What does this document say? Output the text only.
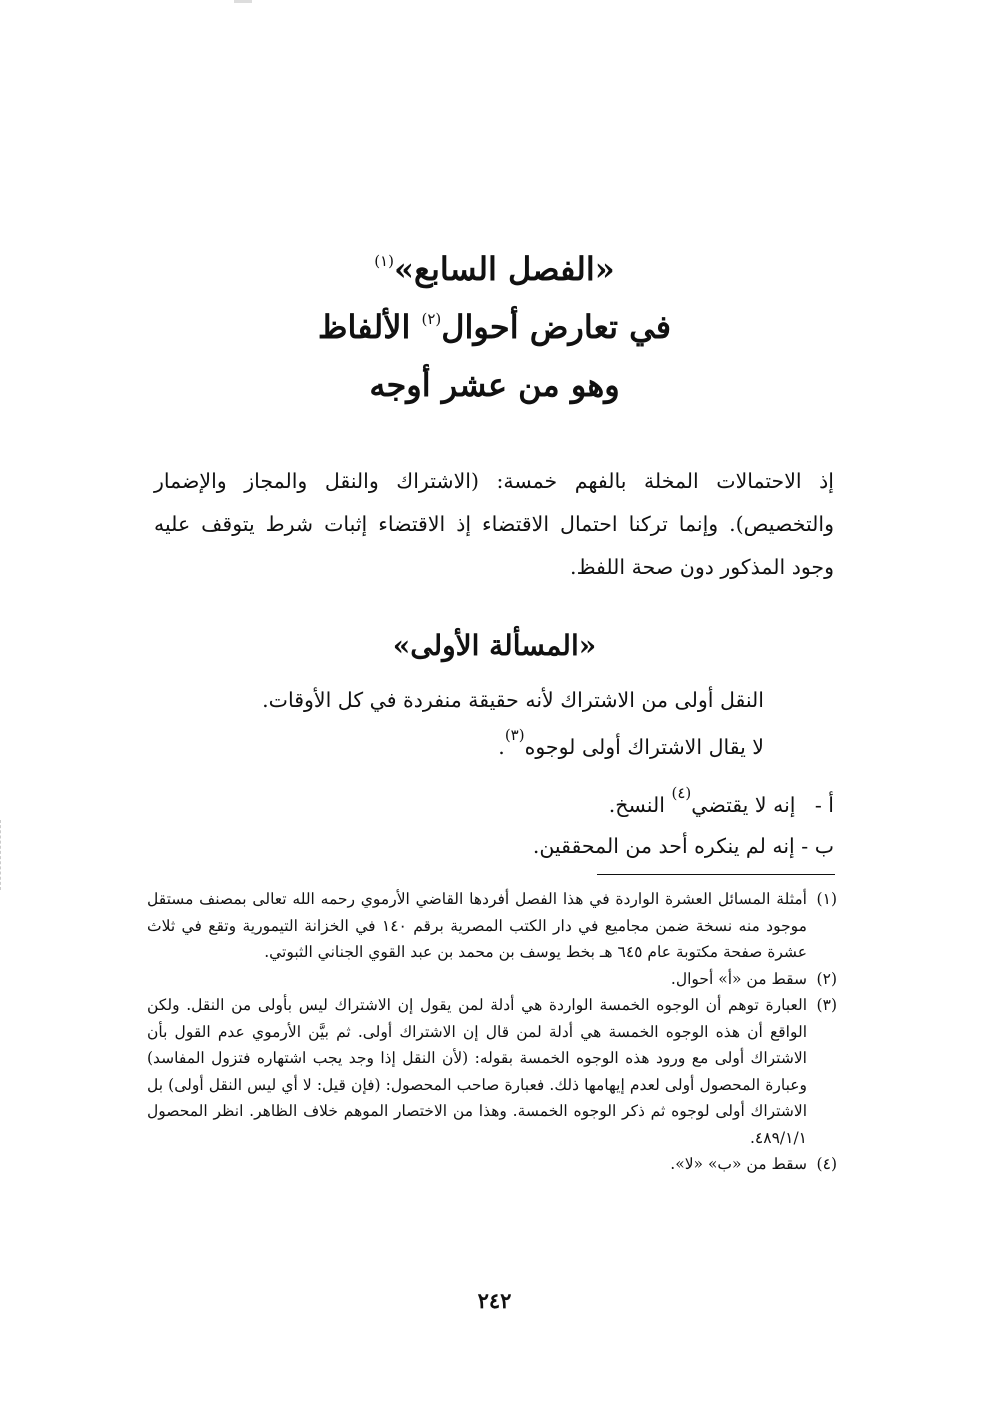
«الفصل السابع»$^{(١)}$
في تعارض أحوال$^{(٢)}$ الألفاظ
وهو من عشر أوجه

إذ الاحتمالات المخلة بالفهم خمسة: (الاشتراك والنقل والمجاز والإضمار والتخصيص). وإنما تركنا احتمال الاقتضاء إذ الاقتضاء إثبات شرط يتوقف عليه وجود المذكور دون صحة اللفظ.

«المسألة الأولى»
النقل أولى من الاشتراك لأنه حقيقة منفردة في كل الأوقات.
لا يقال الاشتراك أولى لوجوه$^{(٣)}$.
أ - إنه لا يقتضي$^{(٤)}$ النسخ.
ب - إنه لم ينكره أحد من المحققين.
(١)
أمثلة المسائل العشرة الواردة في هذا الفصل أفردها القاضي الأرموي رحمه الله تعالى بمصنف مستقل موجود منه نسخة ضمن مجاميع في دار الكتب المصرية برقم ١٤٠ في الخزانة التيمورية وتقع في ثلاث عشرة صفحة مكتوبة عام ٦٤٥ هـ بخط يوسف بن محمد بن عبد القوي الجناني الثبوتي.
(٢)
سقط من «أ» أحوال.
(٣)
العبارة توهم أن الوجوه الخمسة الواردة هي أدلة لمن يقول إن الاشتراك ليس بأولى من النقل. ولكن الواقع أن هذه الوجوه الخمسة هي أدلة لمن قال إن الاشتراك أولى. ثم بيَّن الأرموي عدم القول بأن الاشتراك أولى مع ورود هذه الوجوه الخمسة بقوله: (لأن النقل إذا وجد يجب اشتهاره فتزول المفاسد) وعبارة المحصول أولى لعدم إيهامها ذلك. فعبارة صاحب المحصول: (فإن قيل: لا أي ليس النقل أولى) بل الاشتراك أولى لوجوه ثم ذكر الوجوه الخمسة. وهذا من الاختصار الموهم خلاف الظاهر. انظر المحصول ٤٨٩/١/١.
(٤)
سقط من «ب» «لا».
٢٤٢
